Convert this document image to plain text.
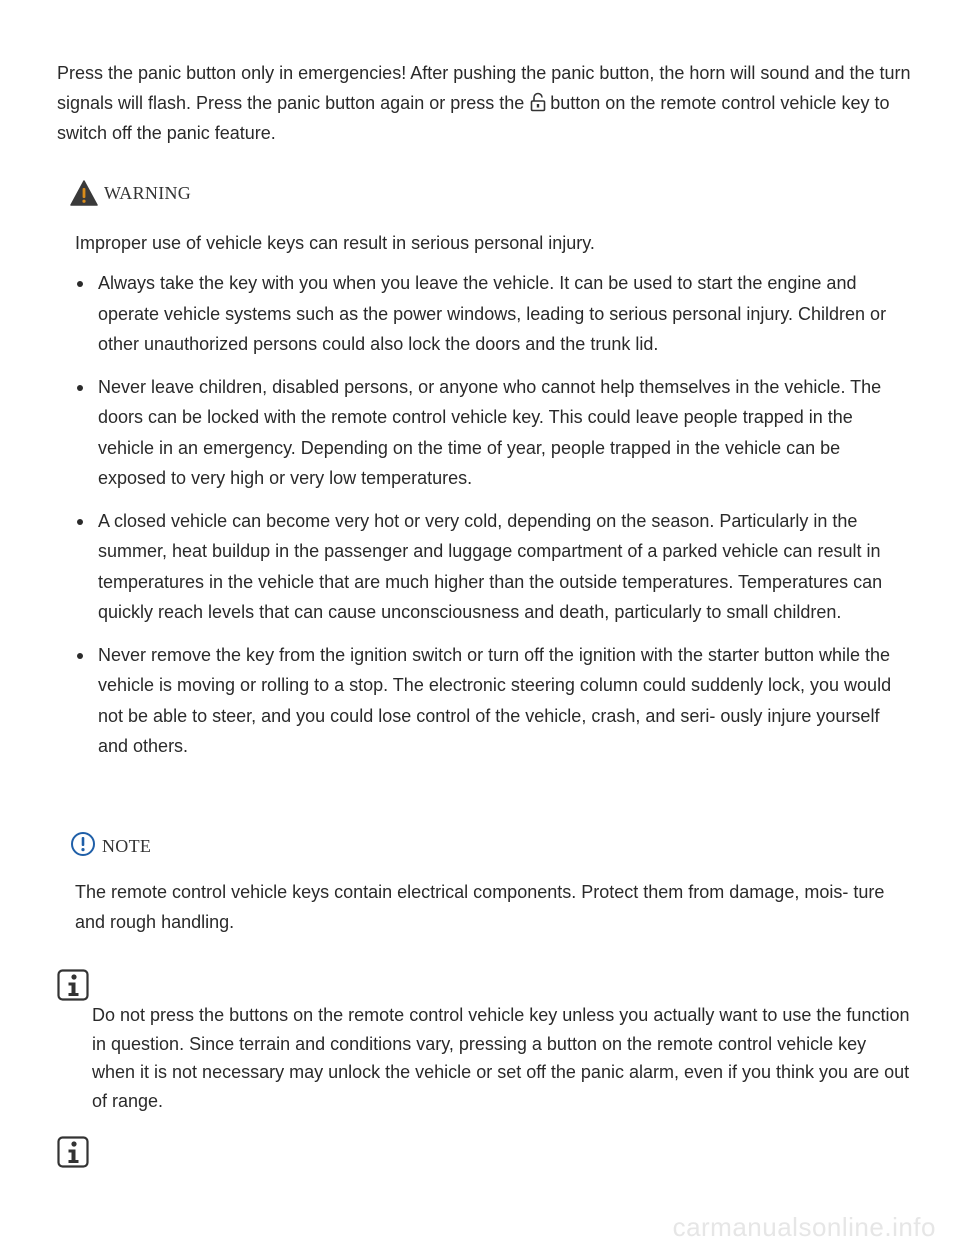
Press the panic button only in emergencies! After pushing the panic button, the horn will sound and the turn signals will flash. Press the panic button again or press the button on the remote control vehicle key to switch off the panic feature.

WARNING

Improper use of vehicle keys can result in serious personal injury.

Always take the key with you when you leave the vehicle. It can be used to start the engine and operate vehicle systems such as the power windows, leading to serious personal injury. Children or other unauthorized persons could also lock the doors and the trunk lid.
Never leave children, disabled persons, or anyone who cannot help themselves in the vehicle. The doors can be locked with the remote control vehicle key. This could leave people trapped in the vehicle in an emergency. Depending on the time of year, people trapped in the vehicle can be exposed to very high or very low temperatures.
A closed vehicle can become very hot or very cold, depending on the season. Particularly in the summer, heat buildup in the passenger and luggage compartment of a parked vehicle can result in temperatures in the vehicle that are much higher than the outside temperatures. Temperatures can quickly reach levels that can cause unconsciousness and death, particularly to small children.
Never remove the key from the ignition switch or turn off the ignition with the starter button while the vehicle is moving or rolling to a stop. The electronic steering column could suddenly lock, you would not be able to steer, and you could lose control of the vehicle, crash, and seri- ously injure yourself and others.
NOTE

The remote control vehicle keys contain electrical components. Protect them from damage, mois- ture and rough handling.

Do not press the buttons on the remote control vehicle key unless you actually want to use the function in question. Since terrain and conditions vary, pressing a button on the remote control vehicle key when it is not necessary may unlock the vehicle or set off the panic alarm, even if you think you are out of range.

carmanualsonline.info
